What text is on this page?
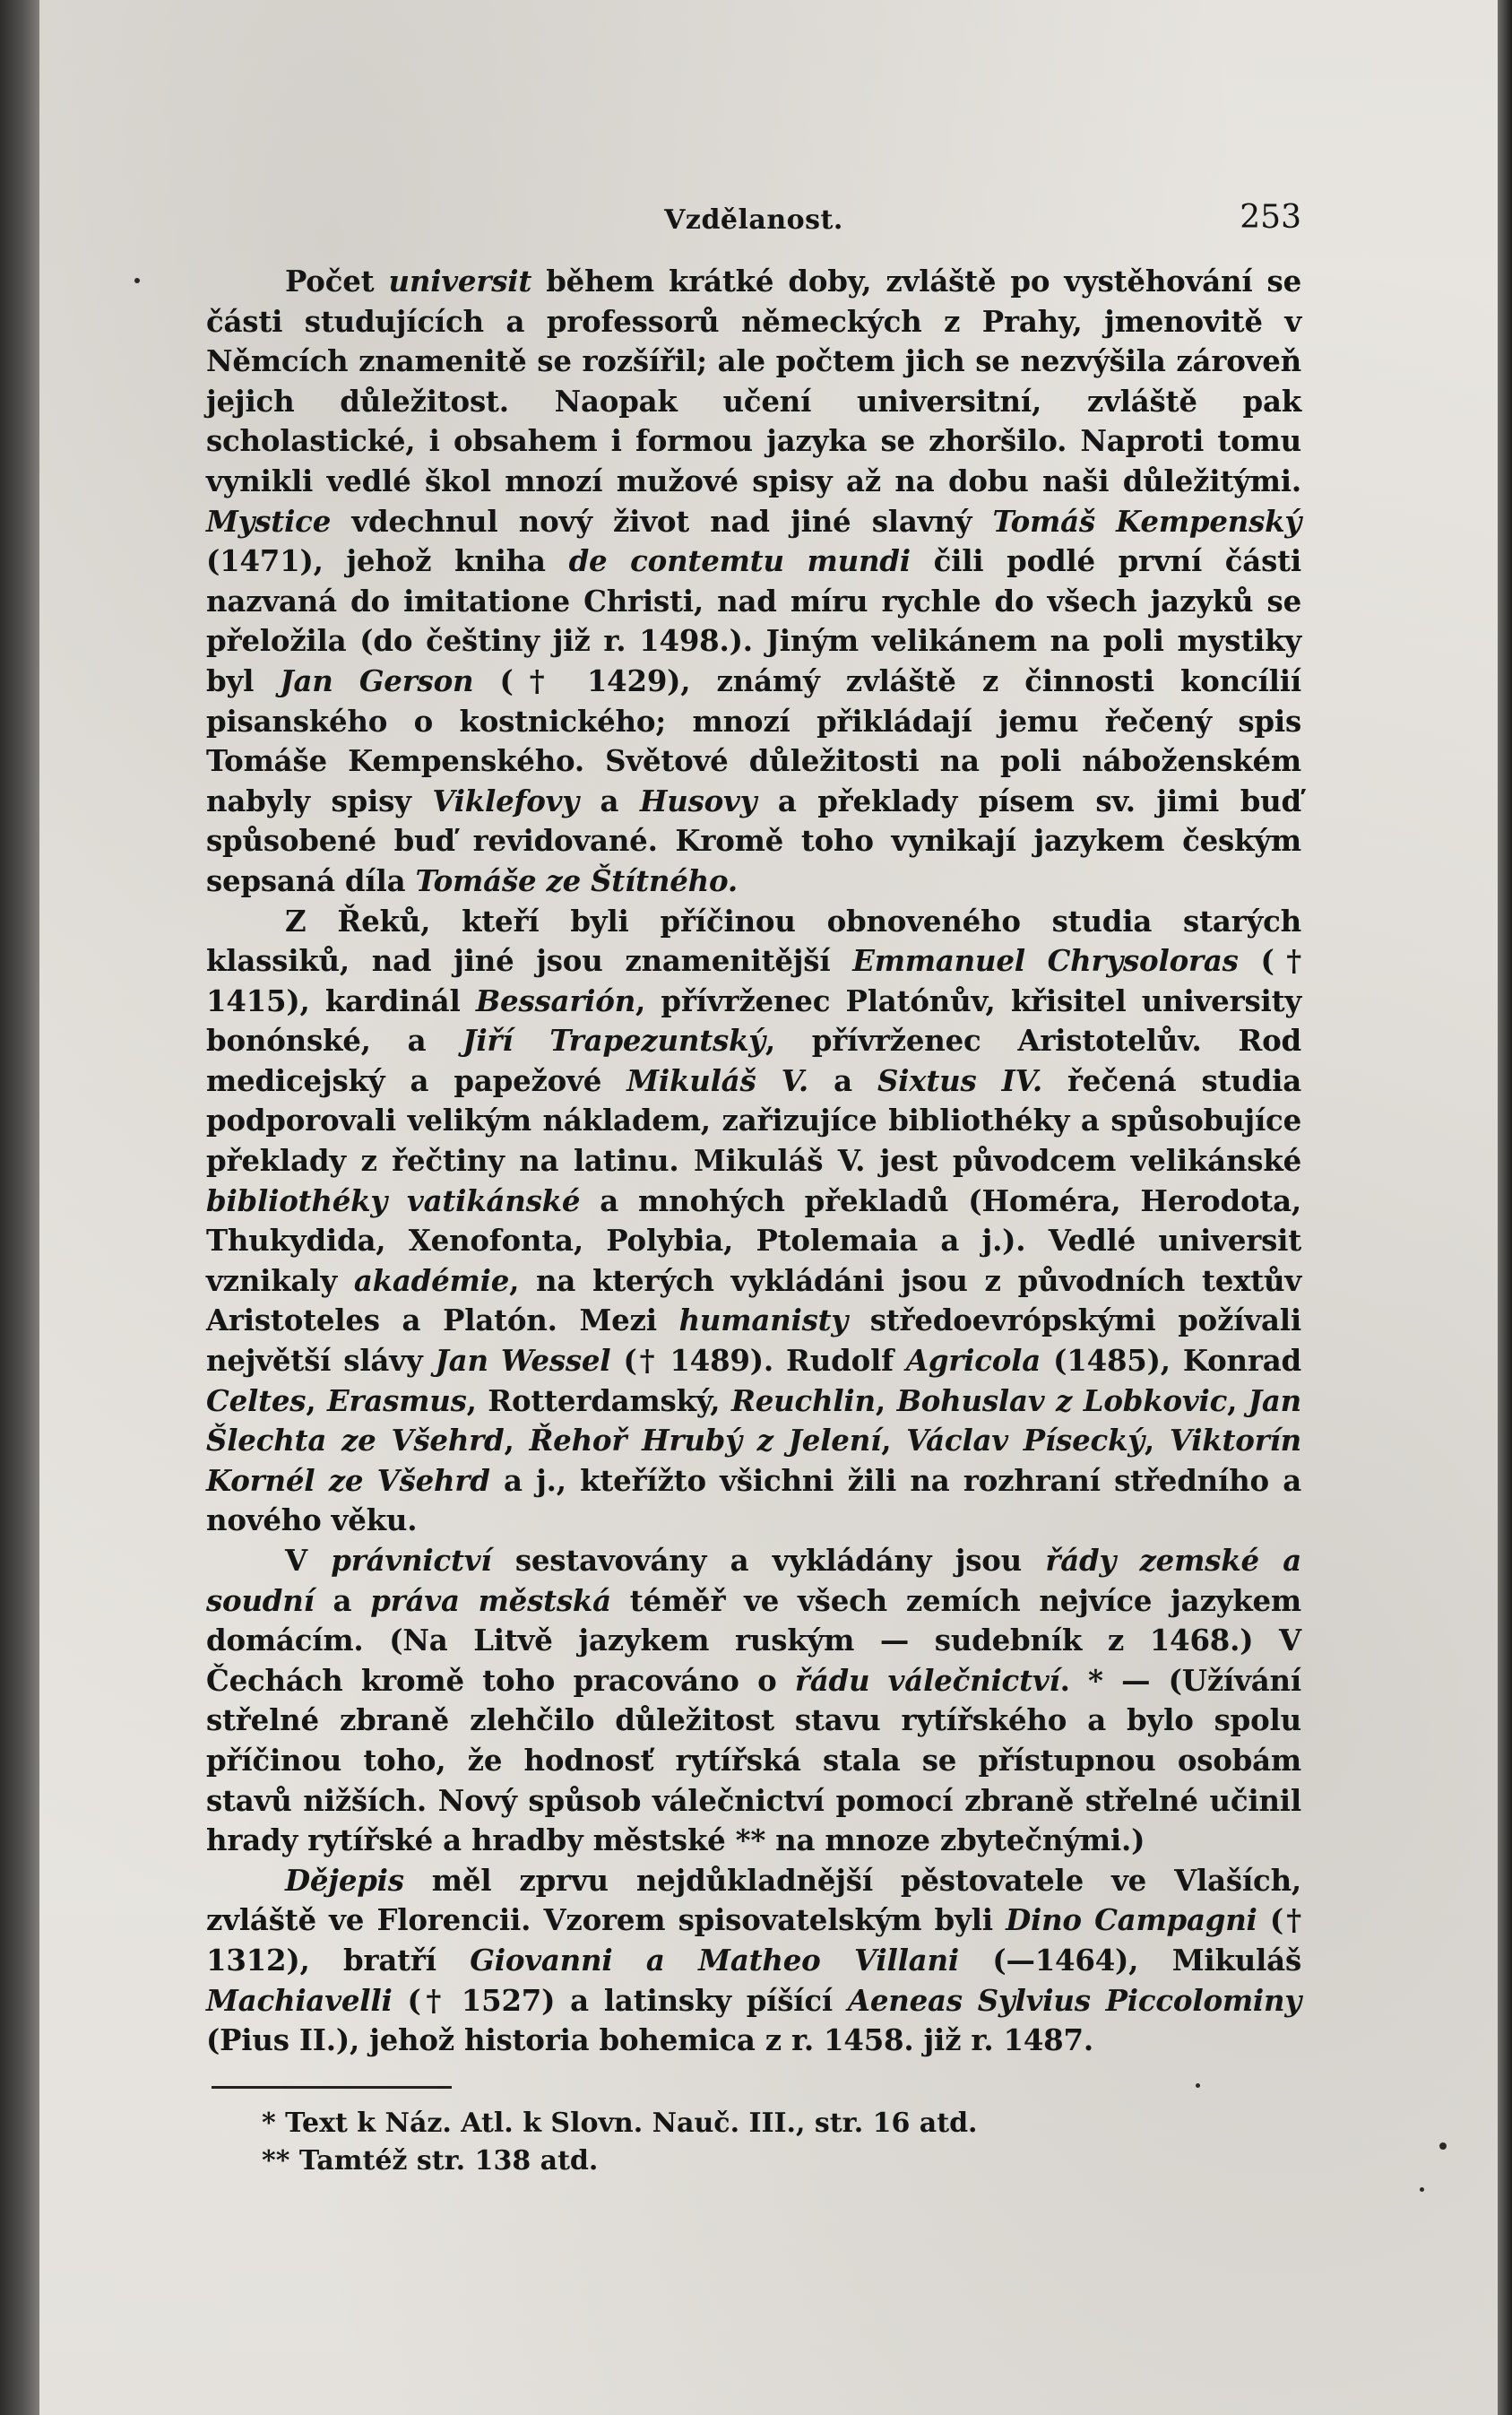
Vzdělanost.	253

Počet universit během krátké doby, zvláště po vystěhování se části studujících a professorů německých z Prahy, jmenovitě v Němcích znamenitě se rozšířil; ale počtem jich se nezvýšila zároveň jejich důležitost. Naopak učení universitní, zvláště pak scholastické, i obsahem i formou jazyka se zhoršilo. Naproti tomu vynikli vedlé škol mnozí mužové spisy až na dobu naši důležitými. Mystice vdechnul nový život nad jiné slavný Tomáš Kempenský (1471), jehož kniha de contemtu mundi čili podlé první části nazvaná do imitatione Christi, nad míru rychle do všech jazyků se přeložila (do češtiny již r. 1498.). Jiným velikánem na poli mystiky byl Jan Gerson († 1429), známý zvláště z činnosti koncílií pisanského o kostnického; mnozí přikládají jemu řečený spis Tomáše Kempenského. Světové důležitosti na poli náboženském nabyly spisy Viklefovy a Husovy a překlady písem sv. jimi buď spůsobené buď revidované. Kromě toho vynikají jazykem českým sepsaná díla Tomáše ze Štítného.

Z Řeků, kteří byli příčinou obnoveného studia starých klassiků, nad jiné jsou znamenitější Emmanuel Chrysoloras († 1415), kardinál Bessarión, přívrženec Platónův, křisitel university bonónské, a Jiří Trapezuntský, přívrženec Aristotelův. Rod medicejský a papežové Mikuláš V. a Sixtus IV. řečená studia podporovali velikým nákladem, zařizujíce bibliothéky a spůsobujíce překlady z řečtiny na latinu. Mikuláš V. jest původcem velikánské bibliothéky vatikánské a mnohých překladů (Homéra, Herodota, Thukydida, Xenofonta, Polybia, Ptolemaia a j.). Vedlé universit vznikaly akadémie, na kterých vykládáni jsou z původních textův Aristoteles a Platón. Mezi humanisty středoevrópskými požívali největší slávy Jan Wessel († 1489). Rudolf Agricola (1485), Konrad Celtes, Erasmus, Rotterdamský, Reuchlin, Bohuslav z Lobkovic, Jan Šlechta ze Všehrd, Řehoř Hrubý z Jelení, Václav Písecký, Viktorín Kornél ze Všehrd a j., kteřížto všichni žili na rozhraní středního a nového věku.

V právnictví sestavovány a vykládány jsou řády zemské a soudní a práva městská téměř ve všech zemích nejvíce jazykem domácím. (Na Litvě jazykem ruským — sudebník z 1468.) V Čechách kromě toho pracováno o řádu válečnictví. * — (Užívání střelné zbraně zlehčilo důležitost stavu rytířského a bylo spolu příčinou toho, že hodnosť rytířská stala se přístupnou osobám stavů nižších. Nový spůsob válečnictví pomocí zbraně střelné učinil hrady rytířské a hradby městské ** na mnoze zbytečnými.)

Dějepis měl zprvu nejdůkladnější pěstovatele ve Vlaších, zvláště ve Florencii. Vzorem spisovatelským byli Dino Campagni († 1312), bratří Giovanni a Matheo Villani (—1464), Mikuláš Machiavelli († 1527) a latinsky píšící Aeneas Sylvius Piccolominy (Pius II.), jehož historia bohemica z r. 1458. již r. 1487.

* Text k Náz. Atl. k Slovn. Nauč. III., str. 16 atd.
** Tamtéž str. 138 atd.
